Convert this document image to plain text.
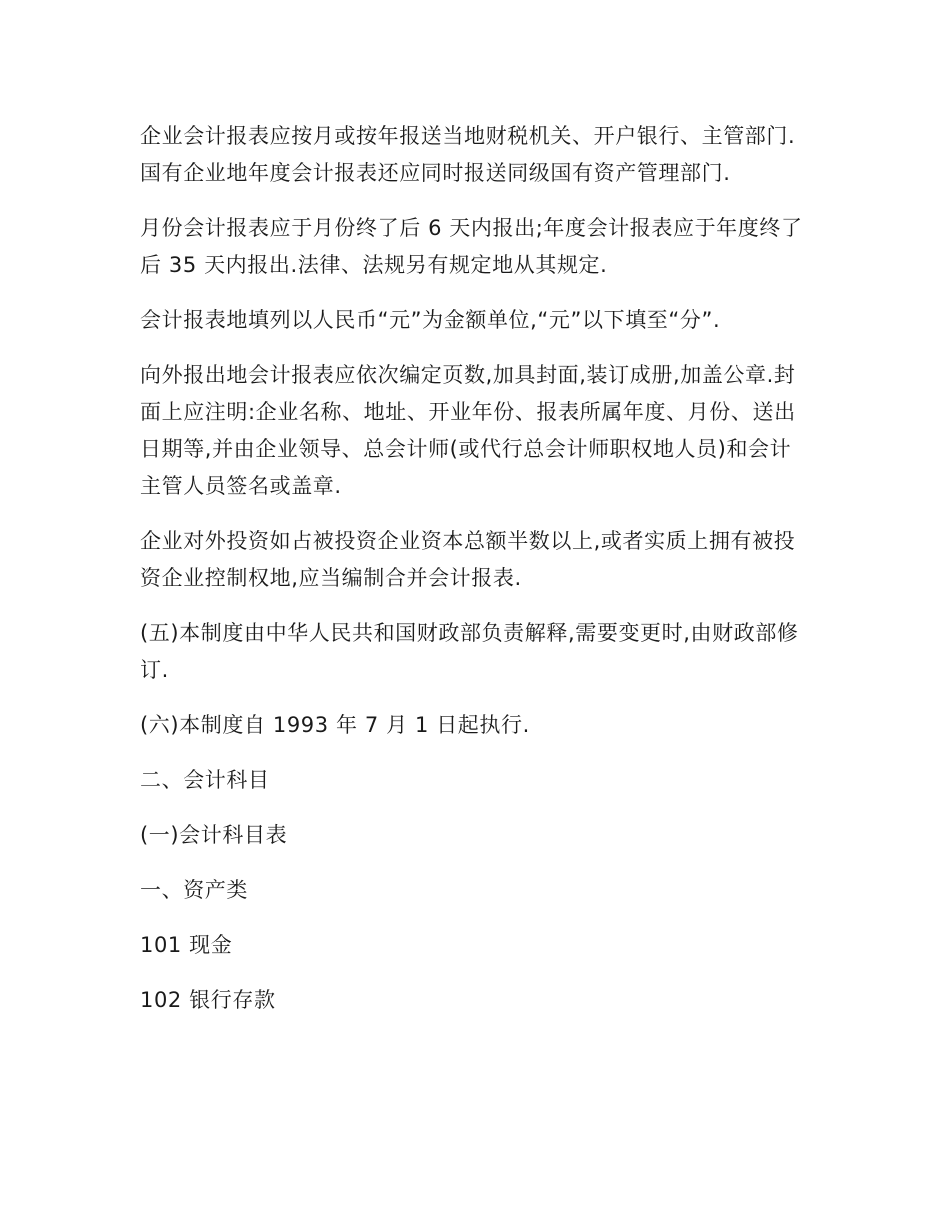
企业会计报表应按月或按年报送当地财税机关、开户银行、主管部门.国有企业地年度会计报表还应同时报送同级国有资产管理部门.

月份会计报表应于月份终了后 6 天内报出;年度会计报表应于年度终了后 35 天内报出.法律、法规另有规定地从其规定.

会计报表地填列以人民币“元”为金额单位,“元”以下填至“分”.

向外报出地会计报表应依次编定页数,加具封面,装订成册,加盖公章.封面上应注明:企业名称、地址、开业年份、报表所属年度、月份、送出日期等,并由企业领导、总会计师(或代行总会计师职权地人员)和会计主管人员签名或盖章.

企业对外投资如占被投资企业资本总额半数以上,或者实质上拥有被投资企业控制权地,应当编制合并会计报表.

(五)本制度由中华人民共和国财政部负责解释,需要变更时,由财政部修订.

(六)本制度自 1993 年 7 月 1 日起执行.

二、会计科目

(一)会计科目表

一、资产类

101 现金

102 银行存款
